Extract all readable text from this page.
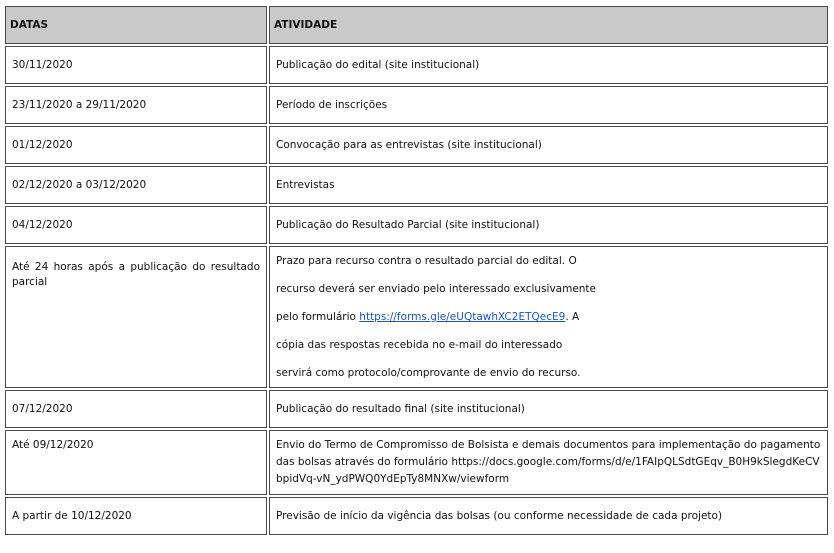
DATAS	ATIVIDADE
30/11/2020	Publicação do edital (site institucional)
23/11/2020 a 29/11/2020	Período de inscrições
01/12/2020	Convocação para as entrevistas (site institucional)
02/12/2020 a 03/12/2020	Entrevistas
04/12/2020	Publicação do Resultado Parcial (site institucional)
Até 24 horas após a publicação do resultado parcial	Prazo para recurso contra o resultado parcial do edital. O

recurso deverá ser enviado pelo interessado exclusivamente

pelo formulário https://forms.gle/eUQtawhXC2ETQecE9. A

cópia das respostas recebida no e-mail do interessado

servirá como protocolo/comprovante de envio do recurso.

07/12/2020	Publicação do resultado final (site institucional)
Até 09/12/2020	Envio do Termo de Compromisso de Bolsista e demais documentos para implementação do pagamento das bolsas através do formulário https://docs.google.com/forms/d/e/1FAIpQLSdtGEqv_B0H9kSlegdKeCVbpidVq-vN_ydPWQ0YdEpTy8MNXw/viewform
A partir de 10/12/2020	Previsão de início da vigência das bolsas (ou conforme necessidade de cada projeto)
